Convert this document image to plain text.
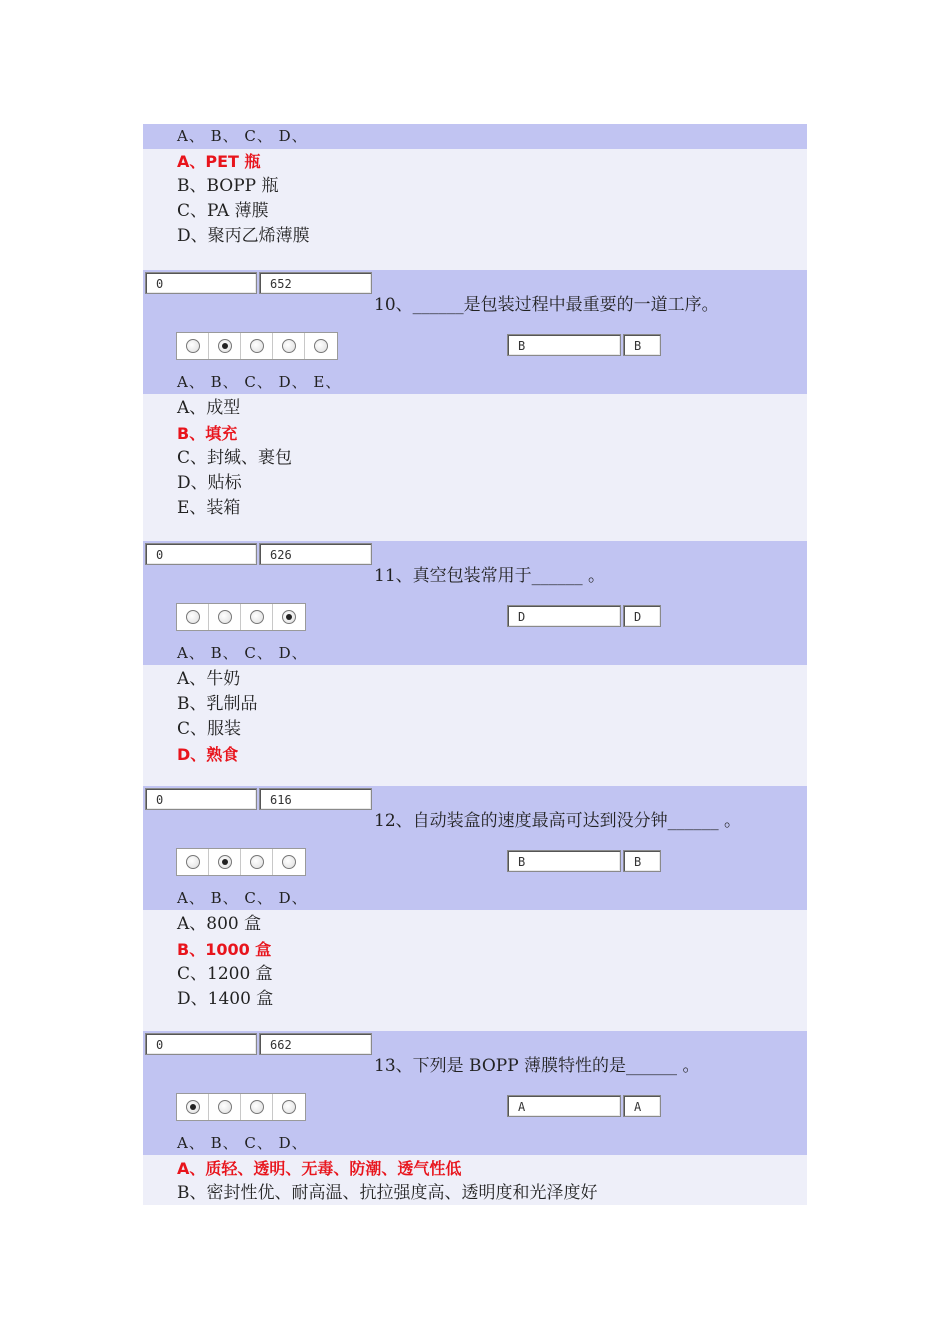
A、 B、 C、 D、
A、PET 瓶
B、BOPP 瓶
C、PA 薄膜
D、聚丙乙烯薄膜
0	652
10、______是包装过程中最重要的一道工序。
B	B
A、 B、 C、 D、 E、
A、成型
B、填充
C、封缄、裹包
D、贴标
E、装箱
0	626
11、真空包装常用于______ 。
D	D
A、 B、 C、 D、
A、牛奶
B、乳制品
C、服装
D、熟食
0	616
12、自动装盒的速度最高可达到没分钟______ 。
B	B
A、 B、 C、 D、
A、800 盒
B、1000 盒
C、1200 盒
D、1400 盒
0	662
13、下列是 BOPP 薄膜特性的是______ 。
A	A
A、 B、 C、 D、
A、质轻、透明、无毒、防潮、透气性低
B、密封性优、耐高温、抗拉强度高、透明度和光泽度好
